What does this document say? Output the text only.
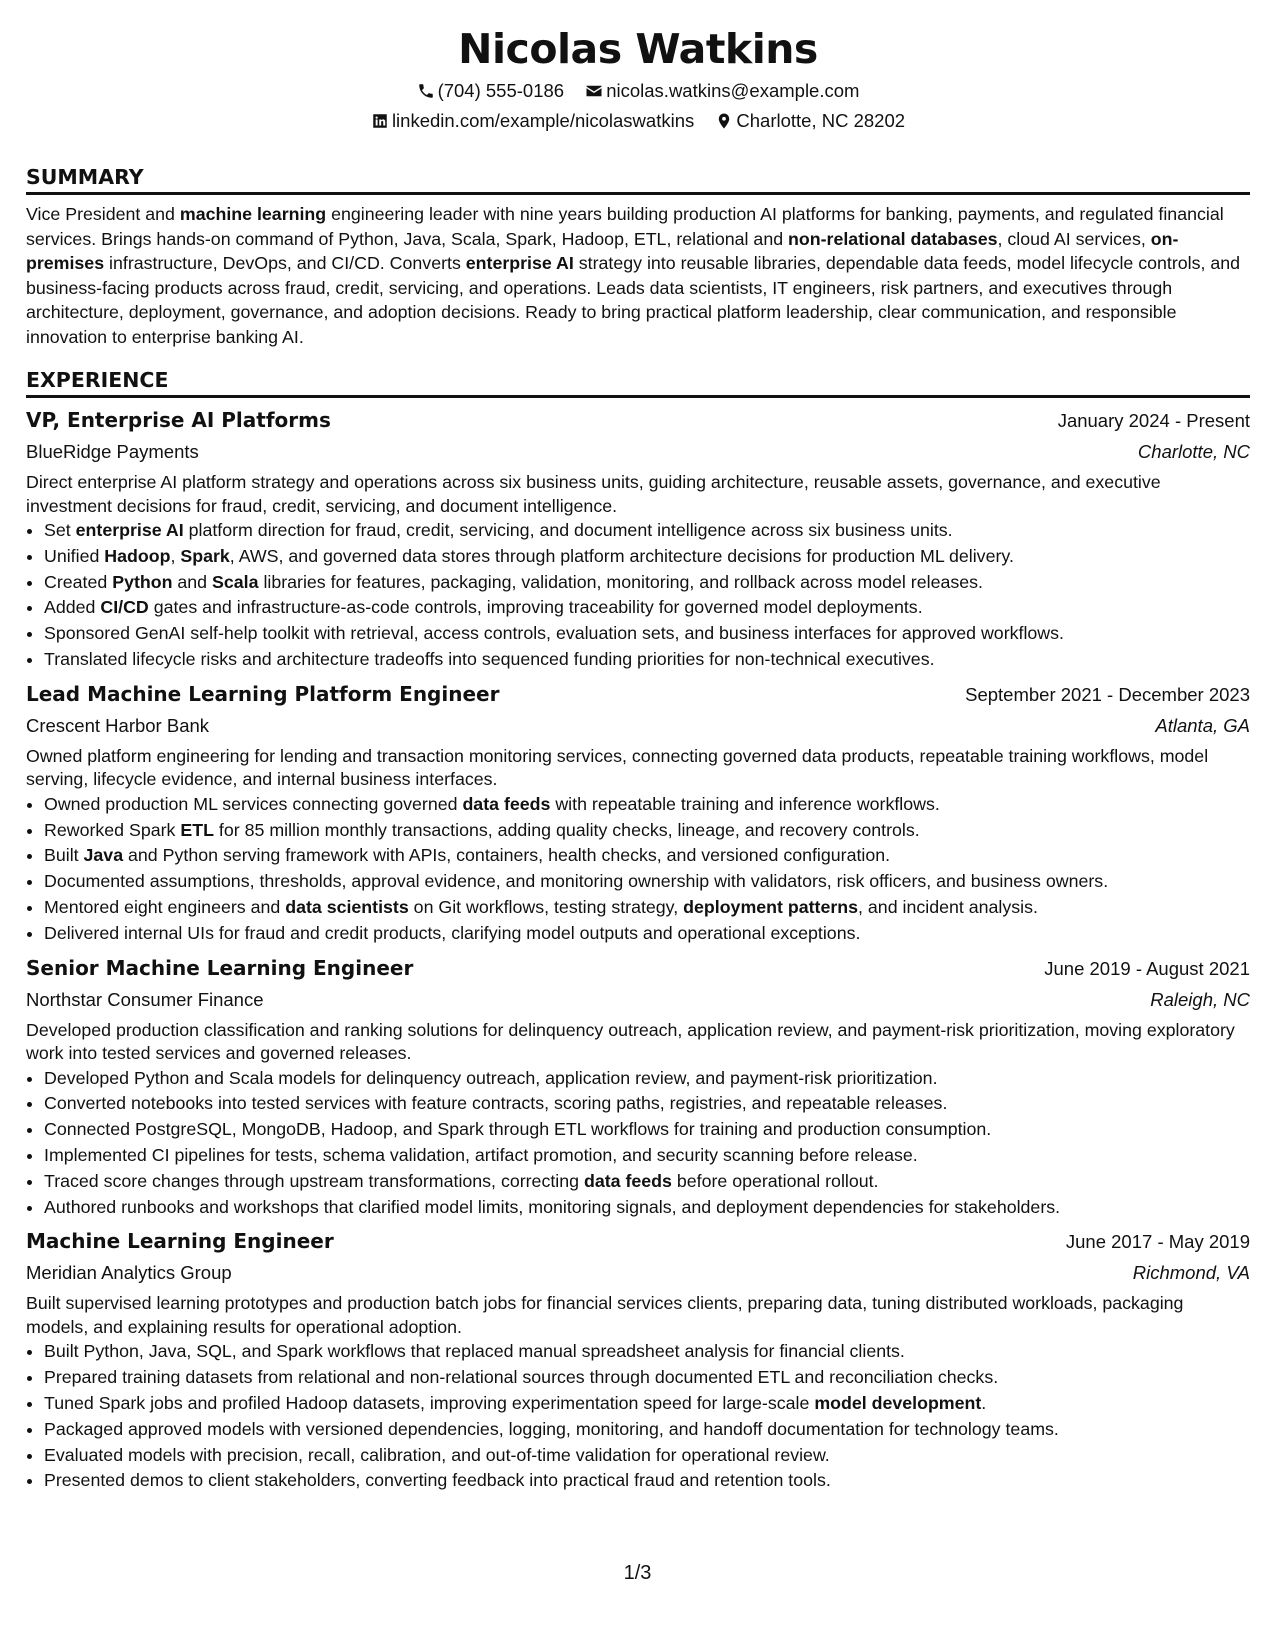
Nicolas Watkins
(704) 555-0186 nicolas.watkins@example.com
linkedin.com/example/nicolaswatkins Charlotte, NC 28202
SUMMARY
Vice President and machine learning engineering leader with nine years building production AI platforms for banking, payments, and regulated financial services. Brings hands-on command of Python, Java, Scala, Spark, Hadoop, ETL, relational and non-relational databases, cloud AI services, on-premises infrastructure, DevOps, and CI/CD. Converts enterprise AI strategy into reusable libraries, dependable data feeds, model lifecycle controls, and business-facing products across fraud, credit, servicing, and operations. Leads data scientists, IT engineers, risk partners, and executives through architecture, deployment, governance, and adoption decisions. Ready to bring practical platform leadership, clear communication, and responsible innovation to enterprise banking AI.
EXPERIENCE
VP, Enterprise AI Platforms	January 2024 - Present
BlueRidge Payments	Charlotte, NC
Direct enterprise AI platform strategy and operations across six business units, guiding architecture, reusable assets, governance, and executive investment decisions for fraud, credit, servicing, and document intelligence.
• Set enterprise AI platform direction for fraud, credit, servicing, and document intelligence across six business units.
• Unified Hadoop, Spark, AWS, and governed data stores through platform architecture decisions for production ML delivery.
• Created Python and Scala libraries for features, packaging, validation, monitoring, and rollback across model releases.
• Added CI/CD gates and infrastructure-as-code controls, improving traceability for governed model deployments.
• Sponsored GenAI self-help toolkit with retrieval, access controls, evaluation sets, and business interfaces for approved workflows.
• Translated lifecycle risks and architecture tradeoffs into sequenced funding priorities for non-technical executives.
Lead Machine Learning Platform Engineer	September 2021 - December 2023
Crescent Harbor Bank	Atlanta, GA
Owned platform engineering for lending and transaction monitoring services, connecting governed data products, repeatable training workflows, model serving, lifecycle evidence, and internal business interfaces.
• Owned production ML services connecting governed data feeds with repeatable training and inference workflows.
• Reworked Spark ETL for 85 million monthly transactions, adding quality checks, lineage, and recovery controls.
• Built Java and Python serving framework with APIs, containers, health checks, and versioned configuration.
• Documented assumptions, thresholds, approval evidence, and monitoring ownership with validators, risk officers, and business owners.
• Mentored eight engineers and data scientists on Git workflows, testing strategy, deployment patterns, and incident analysis.
• Delivered internal UIs for fraud and credit products, clarifying model outputs and operational exceptions.
Senior Machine Learning Engineer	June 2019 - August 2021
Northstar Consumer Finance	Raleigh, NC
Developed production classification and ranking solutions for delinquency outreach, application review, and payment-risk prioritization, moving exploratory work into tested services and governed releases.
• Developed Python and Scala models for delinquency outreach, application review, and payment-risk prioritization.
• Converted notebooks into tested services with feature contracts, scoring paths, registries, and repeatable releases.
• Connected PostgreSQL, MongoDB, Hadoop, and Spark through ETL workflows for training and production consumption.
• Implemented CI pipelines for tests, schema validation, artifact promotion, and security scanning before release.
• Traced score changes through upstream transformations, correcting data feeds before operational rollout.
• Authored runbooks and workshops that clarified model limits, monitoring signals, and deployment dependencies for stakeholders.
Machine Learning Engineer	June 2017 - May 2019
Meridian Analytics Group	Richmond, VA
Built supervised learning prototypes and production batch jobs for financial services clients, preparing data, tuning distributed workloads, packaging models, and explaining results for operational adoption.
• Built Python, Java, SQL, and Spark workflows that replaced manual spreadsheet analysis for financial clients.
• Prepared training datasets from relational and non-relational sources through documented ETL and reconciliation checks.
• Tuned Spark jobs and profiled Hadoop datasets, improving experimentation speed for large-scale model development.
• Packaged approved models with versioned dependencies, logging, monitoring, and handoff documentation for technology teams.
• Evaluated models with precision, recall, calibration, and out-of-time validation for operational review.
• Presented demos to client stakeholders, converting feedback into practical fraud and retention tools.
1/3
